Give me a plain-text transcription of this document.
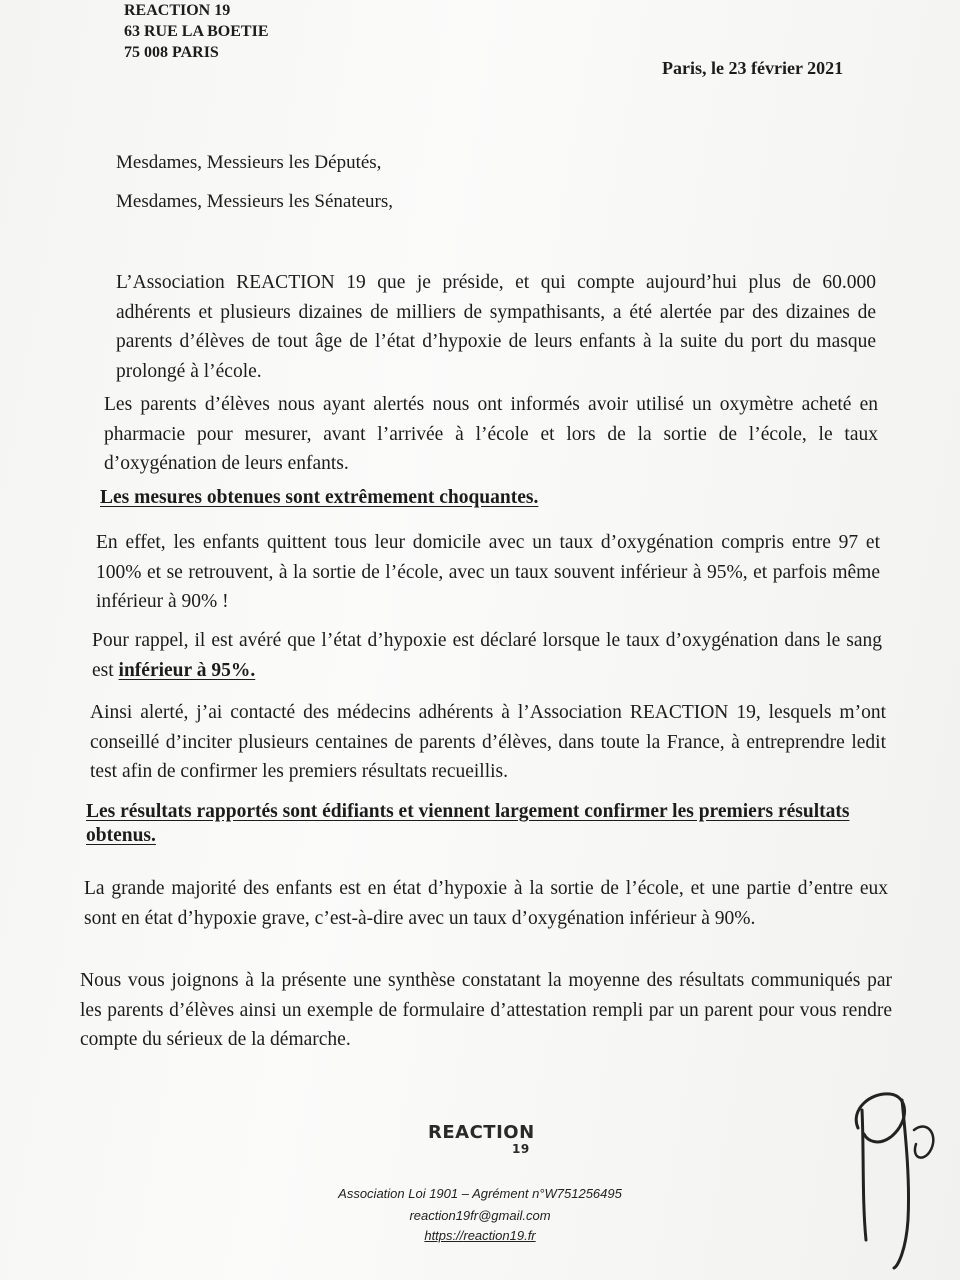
REACTION 19
63 RUE LA BOETIE
75 008 PARIS
Paris, le 23 février 2021
Mesdames, Messieurs les Députés,
Mesdames, Messieurs les Sénateurs,
L’Association REACTION 19 que je préside, et qui compte aujourd’hui plus de 60.000 adhérents et plusieurs dizaines de milliers de sympathisants, a été alertée par des dizaines de parents d’élèves de tout âge de l’état d’hypoxie de leurs enfants à la suite du port du masque prolongé à l’école.
Les parents d’élèves nous ayant alertés nous ont informés avoir utilisé un oxymètre acheté en pharmacie pour mesurer, avant l’arrivée à l’école et lors de la sortie de l’école, le taux d’oxygénation de leurs enfants.
Les mesures obtenues sont extrêmement choquantes.
En effet, les enfants quittent tous leur domicile avec un taux d’oxygénation compris entre 97 et 100% et se retrouvent, à la sortie de l’école, avec un taux souvent inférieur à 95%, et parfois même inférieur à 90% !
Pour rappel, il est avéré que l’état d’hypoxie est déclaré lorsque le taux d’oxygénation dans le sang est inférieur à 95%.
Ainsi alerté, j’ai contacté des médecins adhérents à l’Association REACTION 19, lesquels m’ont conseillé d’inciter plusieurs centaines de parents d’élèves, dans toute la France, à entreprendre ledit test afin de confirmer les premiers résultats recueillis.
Les résultats rapportés sont édifiants et viennent largement confirmer les premiers résultats obtenus.
La grande majorité des enfants est en état d’hypoxie à la sortie de l’école, et une partie d’entre eux sont en état d’hypoxie grave, c’est-à-dire avec un taux d’oxygénation inférieur à 90%.
Nous vous joignons à la présente une synthèse constatant la moyenne des résultats communiqués par les parents d’élèves ainsi un exemple de formulaire d’attestation rempli par un parent pour vous rendre compte du sérieux de la démarche.
REACTION
19
Association Loi 1901 – Agrément n°W751256495
reaction19fr@gmail.com
https://reaction19.fr
